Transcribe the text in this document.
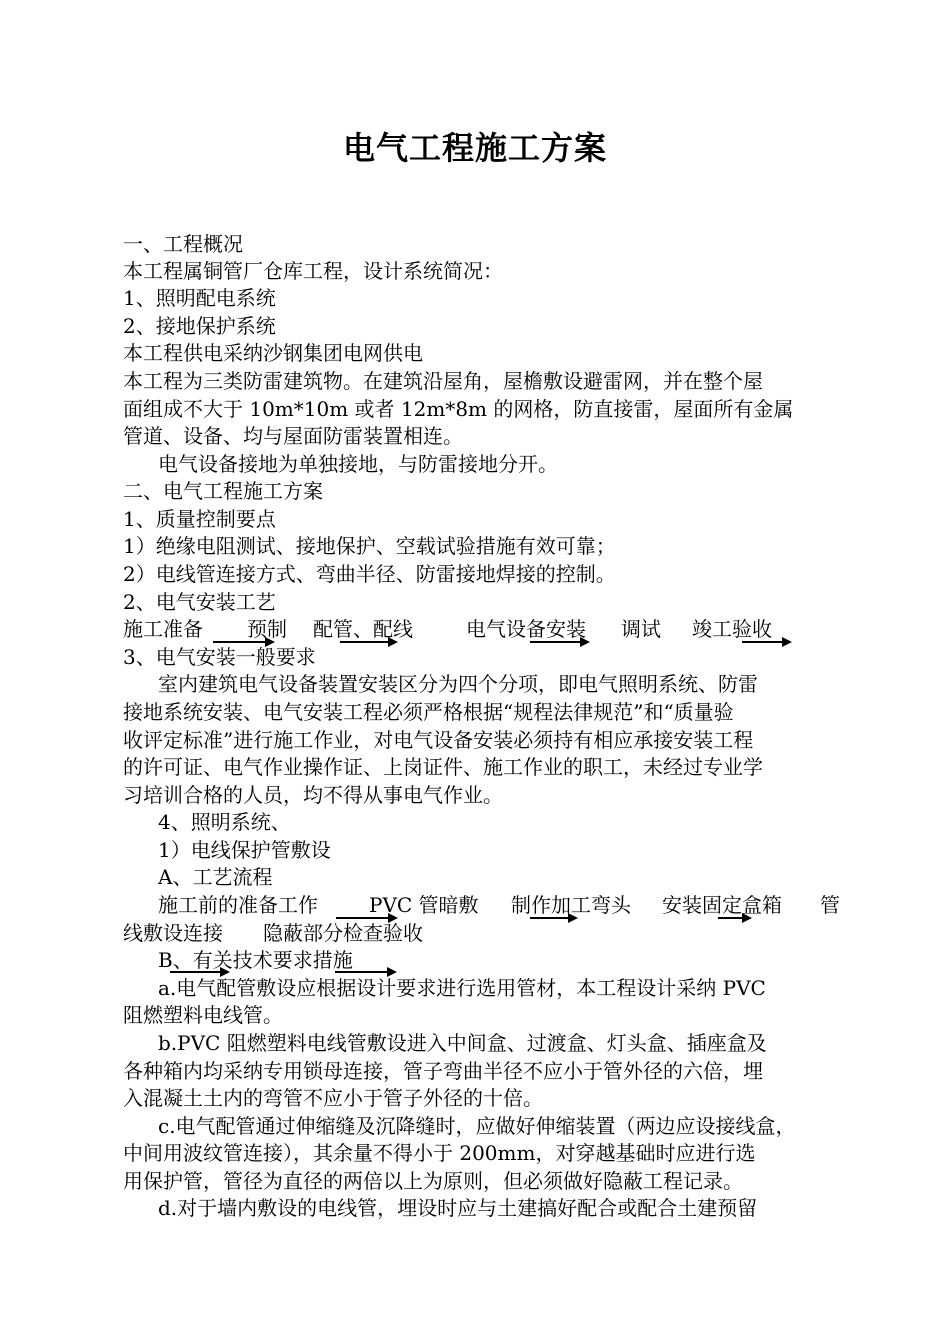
电气工程施工方案
一、工程概况
本工程属铜管厂仓库工程，设计系统简况：
1、照明配电系统
2、接地保护系统
本工程供电采纳沙钢集团电网供电
本工程为三类防雷建筑物。在建筑沿屋角，屋檐敷设避雷网，并在整个屋
面组成不大于 10m*10m 或者 12m*8m 的网格，防直接雷，屋面所有金属
管道、设备、均与屋面防雷装置相连。
电气设备接地为单独接地，与防雷接地分开。
二、电气工程施工方案
1、质量控制要点
1）绝缘电阻测试、接地保护、空载试验措施有效可靠；
2）电线管连接方式、弯曲半径、防雷接地焊接的控制。
2、电气安装工艺
施工准备 预制 配管、配线	电气设备安装 调试 竣工验收
3、电气安装一般要求
室内建筑电气设备装置安装区分为四个分项，即电气照明系统、防雷
接地系统安装、电气安装工程必须严格根据“规程法律规范”和“质量验
收评定标准”进行施工作业，对电气设备安装必须持有相应承接安装工程
的许可证、电气作业操作证、上岗证件、施工作业的职工，未经过专业学
习培训合格的人员，均不得从事电气作业。
4、照明系统、
1）电线保护管敷设
A、工艺流程
施工前的准备工作	PVC 管暗敷 制作加工弯头 安装固定盒箱 管
线敷设连接　　隐蔽部分检查验收
B、有关技术要求措施
a.电气配管敷设应根据设计要求进行选用管材，本工程设计采纳 PVC
阻燃塑料电线管。
b.PVC 阻燃塑料电线管敷设进入中间盒、过渡盒、灯头盒、插座盒及
各种箱内均采纳专用锁母连接，管子弯曲半径不应小于管外径的六倍，埋
入混凝土土内的弯管不应小于管子外径的十倍。
c.电气配管通过伸缩缝及沉降缝时，应做好伸缩装置（两边应设接线盒，
中间用波纹管连接），其余量不得小于 200mm，对穿越基础时应进行选
用保护管，管径为直径的两倍以上为原则，但必须做好隐蔽工程记录。
d.对于墙内敷设的电线管，埋设时应与土建搞好配合或配合土建预留
